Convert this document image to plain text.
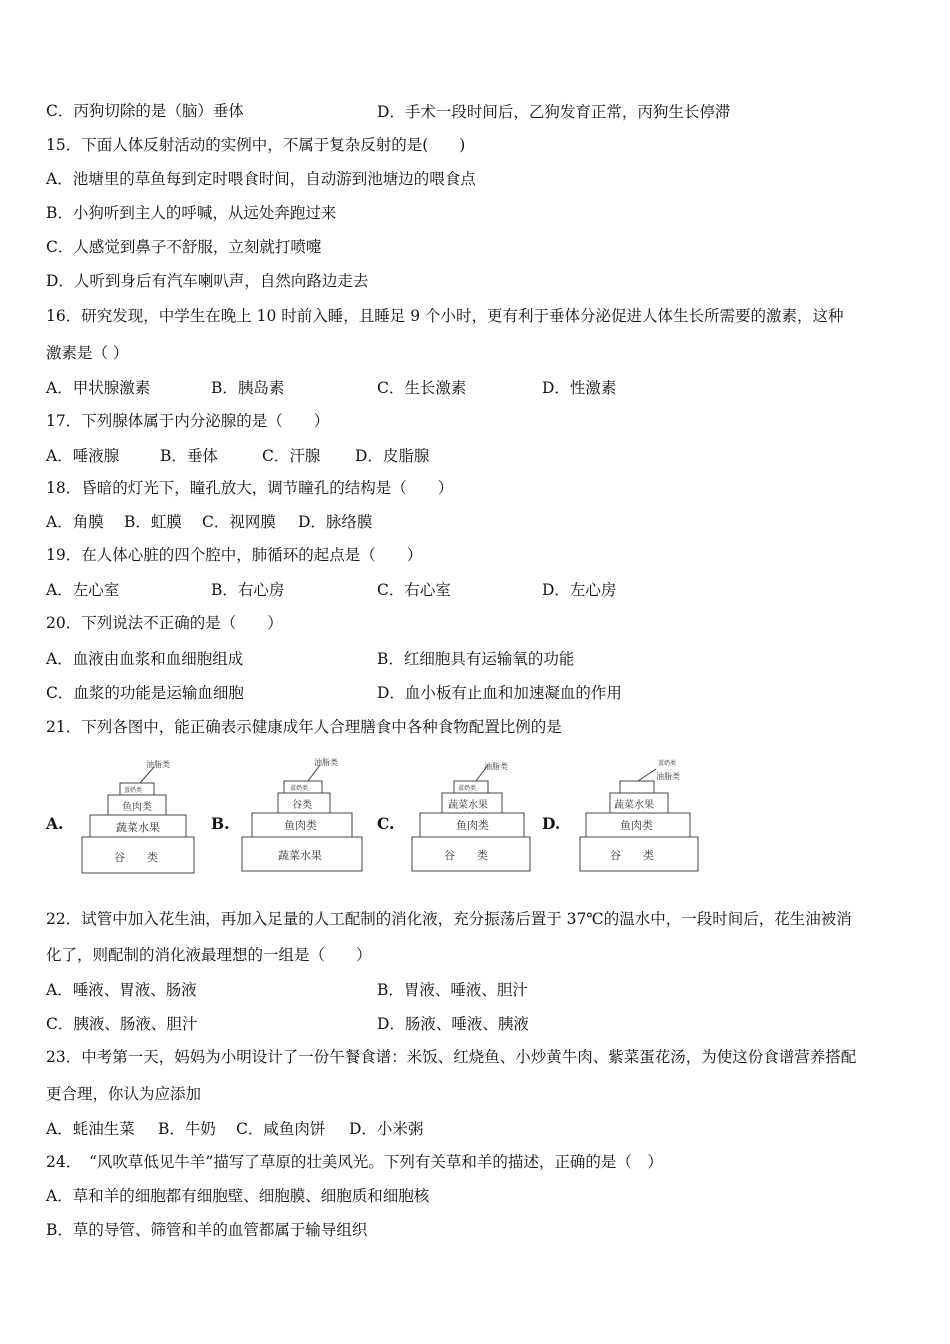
C．丙狗切除的是（脑）垂体	D．手术一段时间后，乙狗发育正常，丙狗生长停滞
15．下面人体反射活动的实例中，不属于复杂反射的是(　　)
A．池塘里的草鱼每到定时喂食时间，自动游到池塘边的喂食点
B．小狗听到主人的呼喊，从远处奔跑过来
C．人感觉到鼻子不舒服，立刻就打喷嚏
D．人听到身后有汽车喇叭声，自然向路边走去
16．研究发现，中学生在晚上 10 时前入睡，且睡足 9 个小时，更有利于垂体分泌促进人体生长所需要的激素，这种
激素是（ ）
A．甲状腺激素	B．胰岛素	C．生长激素	D．性激素
17．下列腺体属于内分泌腺的是（　　）
A．唾液腺	B．垂体	C．汗腺 D．皮脂腺
18．昏暗的灯光下，瞳孔放大，调节瞳孔的结构是（　　）
A．角膜 B．虹膜 C．视网膜 D．脉络膜
19．在人体心脏的四个腔中，肺循环的起点是（　　）
A．左心室	B．右心房	C．右心室	D．左心房
20．下列说法不正确的是（　　）
A．血液由血浆和血细胞组成	B．红细胞具有运输氧的功能
C．血浆的功能是运输血细胞	D．血小板有止血和加速凝血的作用
21．下列各图中，能正确表示健康成年人合理膳食中各种食物配置比例的是
A.	B.	C.	D.
油脂类
蛋奶类
鱼肉类
蔬菜水果
谷　　类
油脂类
蛋奶类
谷类
鱼肉类
蔬菜水果
油脂类
蛋奶类
蔬菜水果
鱼肉类
谷　　类
蛋奶类
油脂类
蔬菜水果
鱼肉类
谷　　类
22．试管中加入花生油，再加入足量的人工配制的消化液，充分振荡后置于 37℃的温水中，一段时间后，花生油被消
化了，则配制的消化液最理想的一组是（　　）
A．唾液、胃液、肠液	B．胃液、唾液、胆汁
C．胰液、肠液、胆汁	D．肠液、唾液、胰液
23．中考第一天，妈妈为小明设计了一份午餐食谱：米饭、红烧鱼、小炒黄牛肉、紫菜蛋花汤，为使这份食谱营养搭配
更合理，你认为应添加
A．蚝油生菜 B．牛奶 C．咸鱼肉饼 D．小米粥
24．　“风吹草低见牛羊”描写了草原的壮美风光。下列有关草和羊的描述，正确的是（　）
A．草和羊的细胞都有细胞壁、细胞膜、细胞质和细胞核
B．草的导管、筛管和羊的血管都属于输导组织
